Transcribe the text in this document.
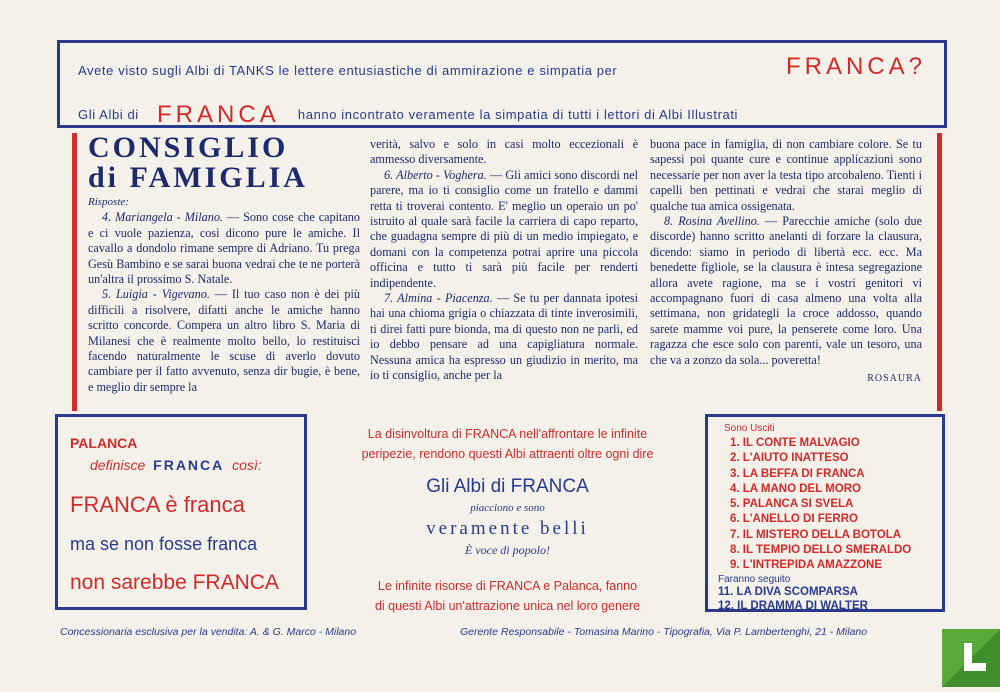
Avete visto sugli Albi di TANKS le lettere entusiastiche di ammirazione e simpatia per	FRANCA?
Gli Albi di FRANCA hanno incontrato veramente la simpatia di tutti i lettori di Albi Illustrati
CONSIGLIO
di FAMIGLIA

Risposte:

4. Mariangela - Milano. — Sono cose che capitano e ci vuole pazienza, così dicono pure le amiche. Il cavallo a dondolo rimane sempre di Adriano. Tu prega Gesù Bambino e se sarai buona vedrai che te ne porterà un'altra il prossimo S. Natale.

5. Luigia - Vigevano. — Il tuo caso non è dei più difficili a risolvere, difatti anche le amiche hanno scritto concorde. Compera un altro libro S. Maria di Milanesi che è realmente molto bello, lo restituisci facendo naturalmente le scuse di averlo dovuto cambiare per il fatto avvenuto, senza dir bugie, è bene, e meglio dir sempre la

verità, salvo e solo in casi molto eccezionali è ammesso diversamente.

6. Alberto - Voghera. — Gli amici sono discordi nel parere, ma io ti consiglio come un fratello e dammi retta ti troverai contento. E' meglio un operaio un po' istruito al quale sarà facile la carriera di capo reparto, che guadagna sempre di più di un medio impiegato, e domani con la competenza potrai aprire una piccola officina e tutto ti sarà più facile per renderti indipendente.

7. Almina - Piacenza. — Se tu per dannata ipotesi hai una chioma grigia o chiazzata di tinte inverosimili, ti direi fatti pure bionda, ma di questo non ne parli, ed io debbo pensare ad una capigliatura normale. Nessuna amica ha espresso un giudizio in merito, ma io ti consiglio, anche per la

buona pace in famiglia, di non cambiare colore. Se tu sapessi poi quante cure e continue applicazioni sono necessarie per non aver la testa tipo arcobaleno. Tienti i capelli ben pettinati e vedrai che starai meglio di qualche tua amica ossigenata.

8. Rosina Avellino. — Parecchie amiche (solo due discorde) hanno scritto anelanti di forzare la clausura, dicendo: siamo in periodo di libertà ecc. ecc. Ma benedette figliole, se la clausura è intesa segregazione allora avete ragione, ma se i vostri genitori vi accompagnano fuori di casa almeno una volta alla settimana, non gridategli la croce addosso, quando sarete mamme voi pure, la penserete come loro. Una ragazza che esce solo con parenti, vale un tesoro, una che va a zonzo da sola... poveretta!

ROSAURA

PALANCA
definisce FRANCA così:
FRANCA è franca
ma se non fosse franca
non sarebbe FRANCA
La disinvoltura di FRANCA nell'affrontare le infinite
peripezie, rendono questi Albi attraenti oltre ogni dire
Gli Albi di FRANCA
piacciono e sono
veramente belli
È voce di popolo!
Le infinite risorse di FRANCA e Palanca, fanno
di questi Albi un'attrazione unica nel loro genere
Sono Usciti
1. IL CONTE MALVAGIO
2. L'AIUTO INATTESO
3. LA BEFFA DI FRANCA
4. LA MANO DEL MORO
5. PALANCA SI SVELA
6. L'ANELLO DI FERRO
7. IL MISTERO DELLA BOTOLA
8. IL TEMPIO DELLO SMERALDO
9. L'INTREPIDA AMAZZONE
Faranno seguito
11. LA DIVA SCOMPARSA
12. IL DRAMMA DI WALTER
Concessionaria esclusiva per la vendita: A. & G. Marco - Milano	Gerente Responsabile - Tomasina Marino - Tipografia, Via P. Lambertenghi, 21 - Milano
